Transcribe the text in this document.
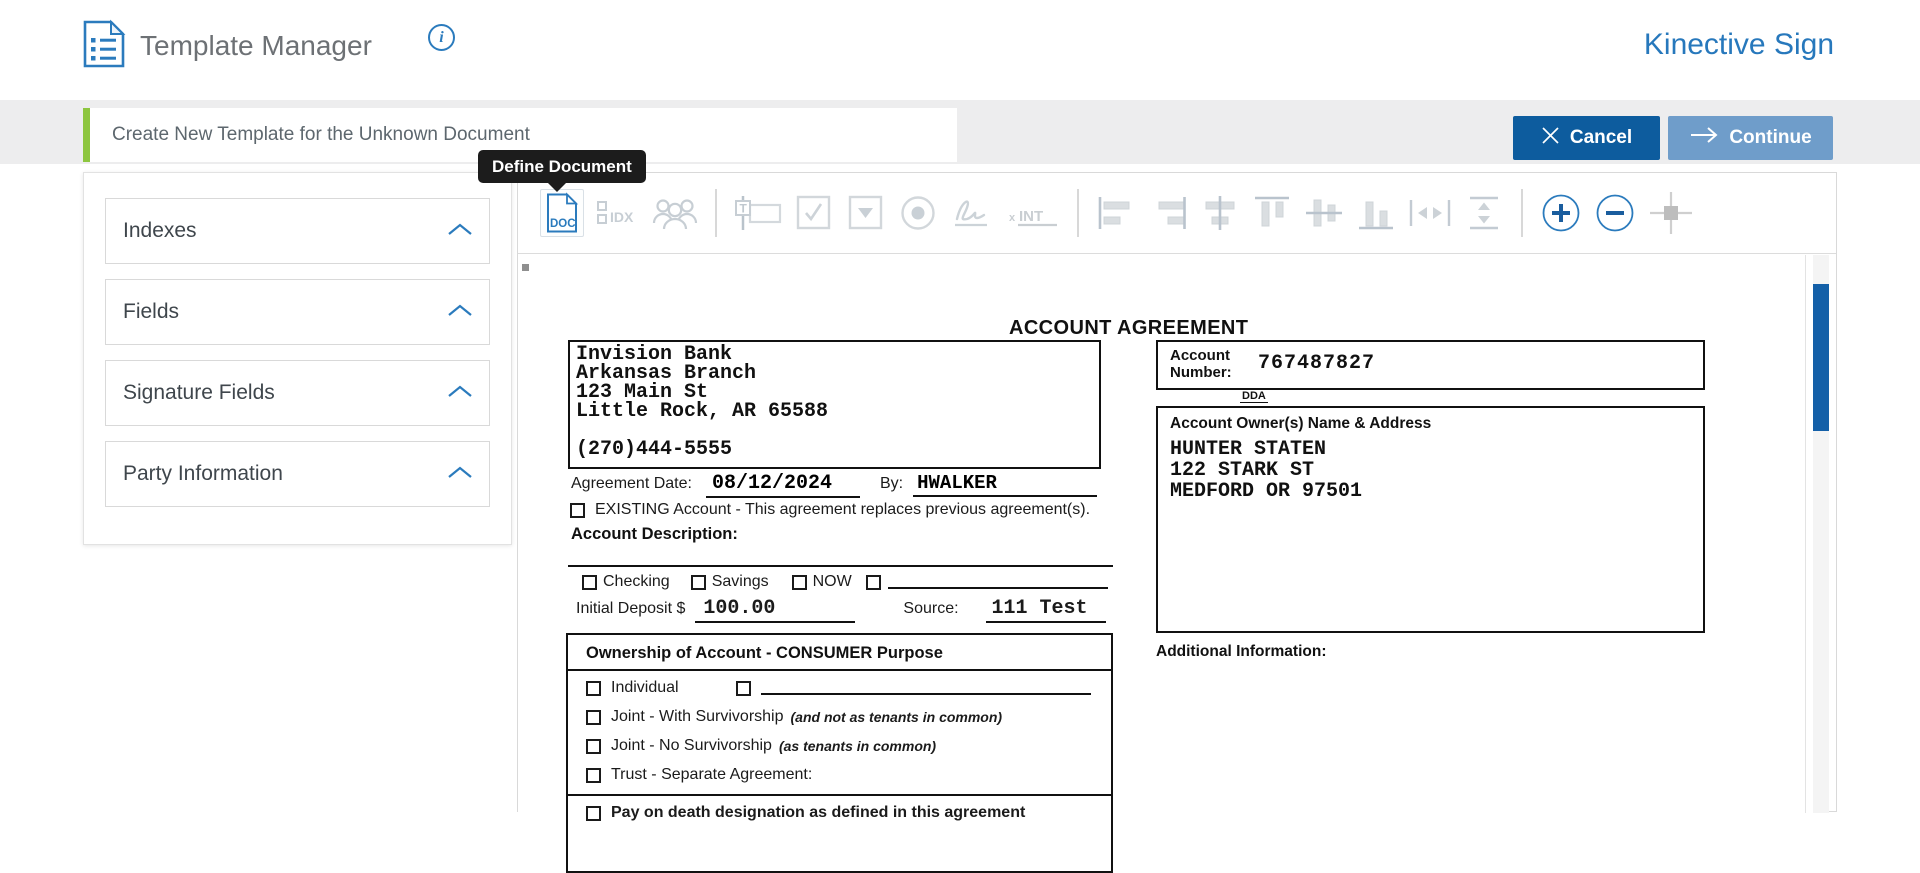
Template Manager	i	Kinective Sign
Create New Template for the Unknown Document	Cancel	Continue
Indexes
Fields
Signature Fields
Party Information
DOC IDX
T
x INT
ACCOUNT AGREEMENT
Invision Bank
Arkansas Branch
123 Main St
Little Rock, AR 65588
(270)444-5555
Account
Number: 767487827
DDA
Account Owner(s) Name & Address
HUNTER STATEN
122 STARK ST
MEDFORD OR 97501
Additional Information:
Agreement Date:	08/12/2024	By: HWALKER
EXISTING Account - This agreement replaces previous agreement(s).
Account Description:
Checking	Savings	NOW
Initial Deposit $ 100.00	Source:	111 Test
Ownership of Account - CONSUMER Purpose
Individual
Joint - With Survivorship (and not as tenants in common)
Joint - No Survivorship (as tenants in common)
Trust - Separate Agreement:
Pay on death designation as defined in this agreement
Define Document
